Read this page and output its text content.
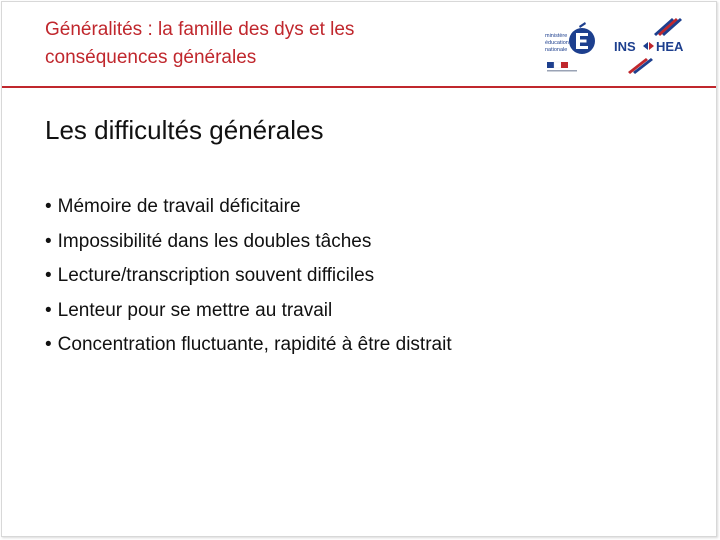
Généralités : la famille des dys et les
conséquences générales
ministère
éducation
nationale	INS HEA
Les difficultés générales
• Mémoire de travail déficitaire
• Impossibilité dans les doubles tâches
• Lecture/transcription souvent difficiles
• Lenteur pour se mettre au travail
• Concentration fluctuante, rapidité à être distrait
